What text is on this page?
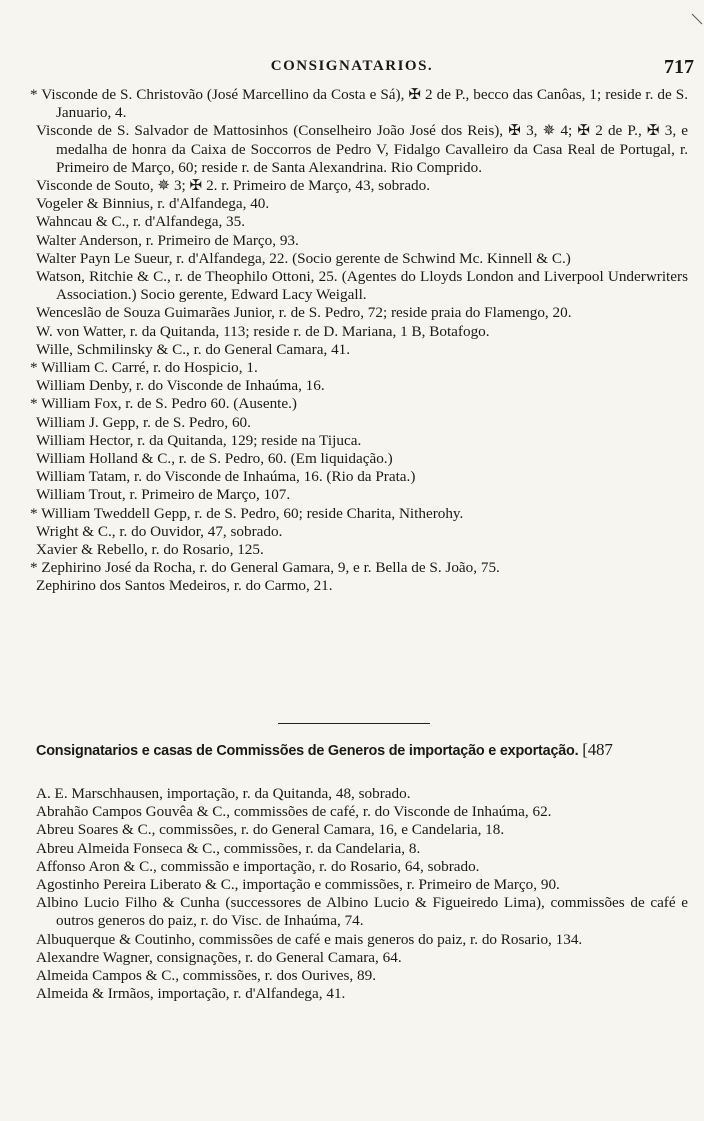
CONSIGNATARIOS.	717

* Visconde de S. Christovão (José Marcellino da Costa e Sá), ✠ 2 de P., becco das Canôas, 1; reside r. de S. Januario, 4.

Visconde de S. Salvador de Mattosinhos (Conselheiro João José dos Reis), ✠ 3, ✵ 4; ✠ 2 de P., ✠ 3, e medalha de honra da Caixa de Soccorros de Pedro V, Fidalgo Cavalleiro da Casa Real de Portugal, r. Primeiro de Março, 60; reside r. de Santa Alexandrina. Rio Comprido.

Visconde de Souto, ✵ 3; ✠ 2. r. Primeiro de Março, 43, sobrado.

Vogeler & Binnius, r. d'Alfandega, 40.

Wahncau & C., r. d'Alfandega, 35.

Walter Anderson, r. Primeiro de Março, 93.

Walter Payn Le Sueur, r. d'Alfandega, 22. (Socio gerente de Schwind Mc. Kinnell & C.)

Watson, Ritchie & C., r. de Theophilo Ottoni, 25. (Agentes do Lloyds London and Liverpool Underwriters Association.) Socio gerente, Edward Lacy Weigall.

Wenceslão de Souza Guimarães Junior, r. de S. Pedro, 72; reside praia do Flamengo, 20.

W. von Watter, r. da Quitanda, 113; reside r. de D. Mariana, 1 B, Botafogo.

Wille, Schmilinsky & C., r. do General Camara, 41.

* William C. Carré, r. do Hospicio, 1.

William Denby, r. do Visconde de Inhaúma, 16.

* William Fox, r. de S. Pedro 60. (Ausente.)

William J. Gepp, r. de S. Pedro, 60.

William Hector, r. da Quitanda, 129; reside na Tijuca.

William Holland & C., r. de S. Pedro, 60. (Em liquidação.)

William Tatam, r. do Visconde de Inhaúma, 16. (Rio da Prata.)

William Trout, r. Primeiro de Março, 107.

* William Tweddell Gepp, r. de S. Pedro, 60; reside Charita, Nitherohy.

Wright & C., r. do Ouvidor, 47, sobrado.

Xavier & Rebello, r. do Rosario, 125.

* Zephirino José da Rocha, r. do General Gamara, 9, e r. Bella de S. João, 75.

Zephirino dos Santos Medeiros, r. do Carmo, 21.

Consignatarios e casas de Commissões de Generos de importação e exportação. [487

A. E. Marschhausen, importação, r. da Quitanda, 48, sobrado.

Abrahão Campos Gouvêa & C., commissões de café, r. do Visconde de Inhaúma, 62.

Abreu Soares & C., commissões, r. do General Camara, 16, e Candelaria, 18.

Abreu Almeida Fonseca & C., commissões, r. da Candelaria, 8.

Affonso Aron & C., commissão e importação, r. do Rosario, 64, sobrado.

Agostinho Pereira Liberato & C., importação e commissões, r. Primeiro de Março, 90.

Albino Lucio Filho & Cunha (successores de Albino Lucio & Figueiredo Lima), commissões de café e outros generos do paiz, r. do Visc. de Inhaúma, 74.

Albuquerque & Coutinho, commissões de café e mais generos do paiz, r. do Rosario, 134.

Alexandre Wagner, consignações, r. do General Camara, 64.

Almeida Campos & C., commissões, r. dos Ourives, 89.

Almeida & Irmãos, importação, r. d'Alfandega, 41.
